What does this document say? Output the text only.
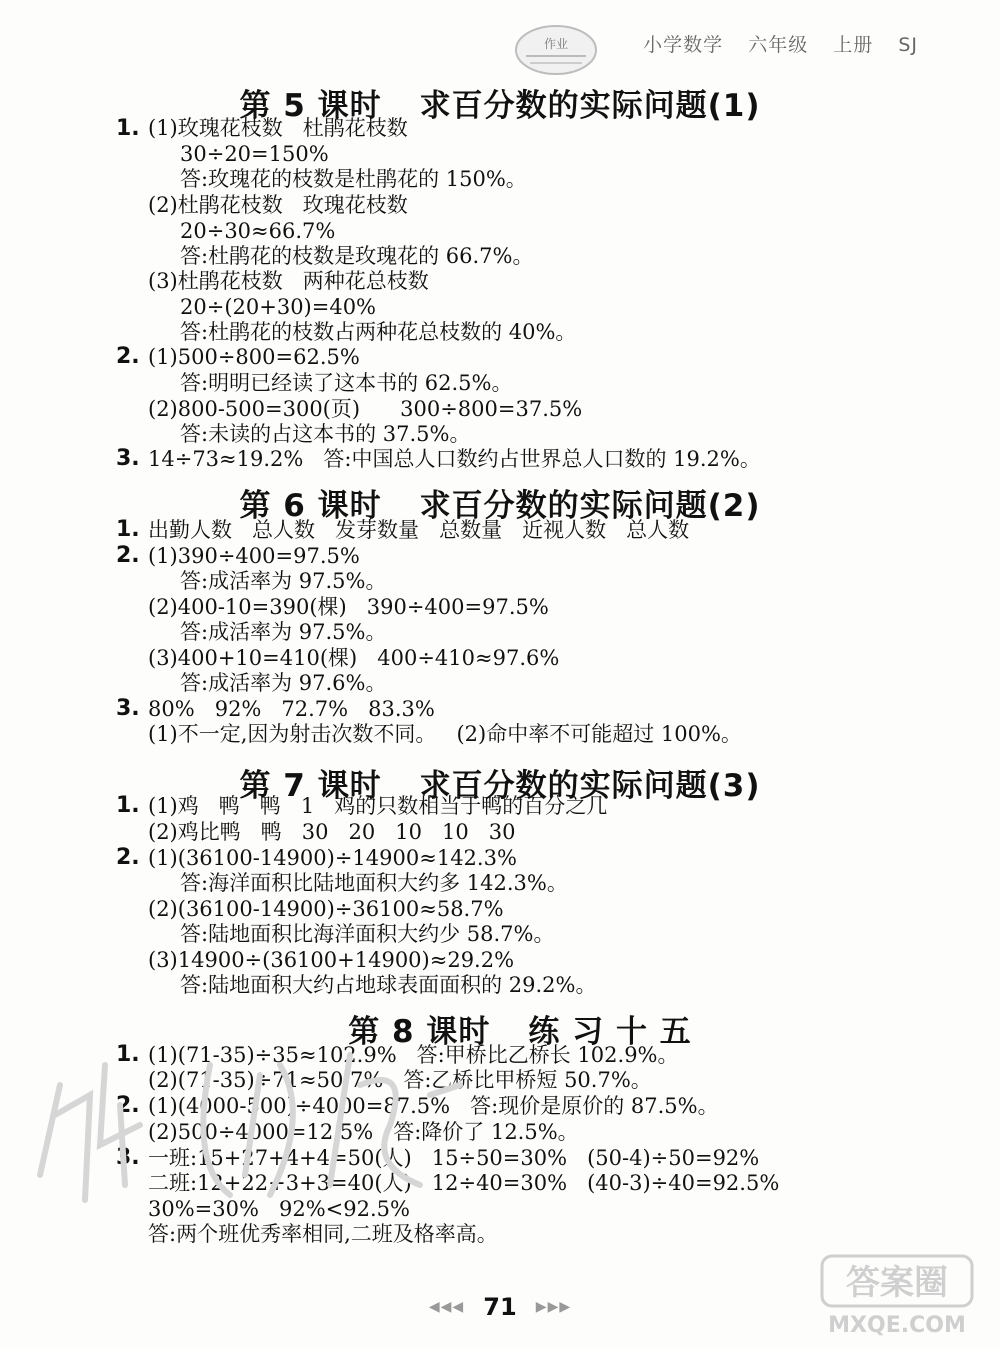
小学数学 六年级 上册 SJ
作业
第 5 课时 求百分数的实际问题(1)
第 6 课时 求百分数的实际问题(2)
第 7 课时 求百分数的实际问题(3)
第 8 课时 练 习 十 五
1.
2.
3.
1.
2.
3.
1.
2.
1.
2.
3.
(1)玫瑰花枝数   杜鹃花枝数
30÷20=150%
答:玫瑰花的枝数是杜鹃花的 150%。
(2)杜鹃花枝数   玫瑰花枝数
20÷30≈66.7%
答:杜鹃花的枝数是玫瑰花的 66.7%。
(3)杜鹃花枝数   两种花总枝数
20÷(20+30)=40%
答:杜鹃花的枝数占两种花总枝数的 40%。
(1)500÷800=62.5%
答:明明已经读了这本书的 62.5%。
(2)800-500=300(页)      300÷800=37.5%
答:未读的占这本书的 37.5%。
14÷73≈19.2%   答:中国总人口数约占世界总人口数的 19.2%。
出勤人数   总人数   发芽数量   总数量   近视人数   总人数
(1)390÷400=97.5%
答:成活率为 97.5%。
(2)400-10=390(棵)   390÷400=97.5%
答:成活率为 97.5%。
(3)400+10=410(棵)   400÷410≈97.6%
答:成活率为 97.6%。
80%   92%   72.7%   83.3%
(1)不一定,因为射击次数不同。   (2)命中率不可能超过 100%。
(1)鸡   鸭   鸭   1   鸡的只数相当于鸭的百分之几
(2)鸡比鸭   鸭   30   20   10   10   30
(1)(36100-14900)÷14900≈142.3%
答:海洋面积比陆地面积大约多 142.3%。
(2)(36100-14900)÷36100≈58.7%
答:陆地面积比海洋面积大约少 58.7%。
(3)14900÷(36100+14900)≈29.2%
答:陆地面积大约占地球表面面积的 29.2%。
(1)(71-35)÷35≈102.9%   答:甲桥比乙桥长 102.9%。
(2)(71-35)÷71≈50.7%   答:乙桥比甲桥短 50.7%。
(1)(4000-500)÷4000=87.5%   答:现价是原价的 87.5%。
(2)500÷4000=12.5%   答:降价了 12.5%。
一班:15+27+4+4=50(人)   15÷50=30%   (50-4)÷50=92%
二班:12+22+3+3=40(人)   12÷40=30%   (40-3)÷40=92.5%
30%=30%   92%<92.5%
答:两个班优秀率相同,二班及格率高。
◀◀◀ 71 ▶▶▶
答案圈
MXQE.COM
